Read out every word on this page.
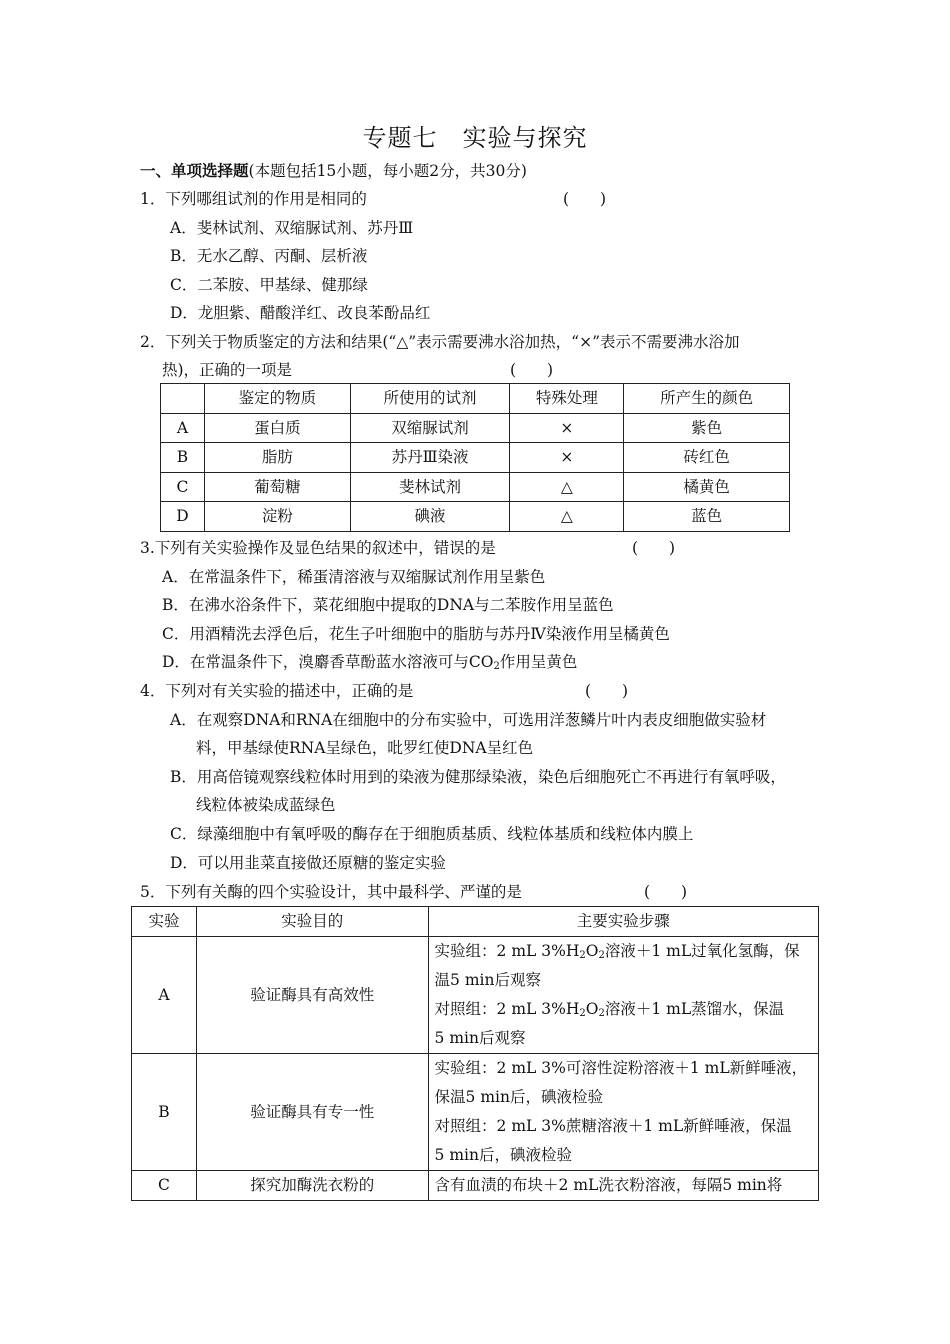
专题七　实验与探究
一、单项选择题(本题包括15小题，每小题2分，共30分)
1．下列哪组试剂的作用是相同的	(　　)
A．斐林试剂、双缩脲试剂、苏丹Ⅲ
B．无水乙醇、丙酮、层析液
C．二苯胺、甲基绿、健那绿
D．龙胆紫、醋酸洋红、改良苯酚品红
2．下列关于物质鉴定的方法和结果(“△”表示需要沸水浴加热，“×”表示不需要沸水浴加
热)，正确的一项是	(　　)
	鉴定的物质	所使用的试剂	特殊处理	所产生的颜色
A	蛋白质	双缩脲试剂	×	紫色
B	脂肪	苏丹Ⅲ染液	×	砖红色
C	葡萄糖	斐林试剂	△	橘黄色
D	淀粉	碘液	△	蓝色
3.下列有关实验操作及显色结果的叙述中，错误的是	(　　)
A．在常温条件下，稀蛋清溶液与双缩脲试剂作用呈紫色
B．在沸水浴条件下，菜花细胞中提取的DNA与二苯胺作用呈蓝色
C．用酒精洗去浮色后，花生子叶细胞中的脂肪与苏丹Ⅳ染液作用呈橘黄色
D．在常温条件下，溴麝香草酚蓝水溶液可与$CO_2$作用呈黄色
4．下列对有关实验的描述中，正确的是	(　　)
A．在观察DNA和RNA在细胞中的分布实验中，可选用洋葱鳞片叶内表皮细胞做实验材
料，甲基绿使RNA呈绿色，吡罗红使DNA呈红色
B．用高倍镜观察线粒体时用到的染液为健那绿染液，染色后细胞死亡不再进行有氧呼吸，
线粒体被染成蓝绿色
C．绿藻细胞中有氧呼吸的酶存在于细胞质基质、线粒体基质和线粒体内膜上
D．可以用韭菜直接做还原糖的鉴定实验
5．下列有关酶的四个实验设计，其中最科学、严谨的是	(　　)
实验	实验目的	主要实验步骤
A	验证酶具有高效性	实验组：2 mL $3\%H_2O_2$溶液＋1 mL过氧化氢酶，保
温5 min后观察
对照组：2 mL $3\%H_2O_2$溶液＋1 mL蒸馏水，保温
5 min后观察

B	验证酶具有专一性	实验组：2 mL 3%可溶性淀粉溶液＋1 mL新鲜唾液，
保温5 min后，碘液检验
对照组：2 mL 3%蔗糖溶液＋1 mL新鲜唾液，保温
5 min后，碘液检验

C	探究加酶洗衣粉的	含有血渍的布块＋2 mL洗衣粉溶液，每隔5 min将
